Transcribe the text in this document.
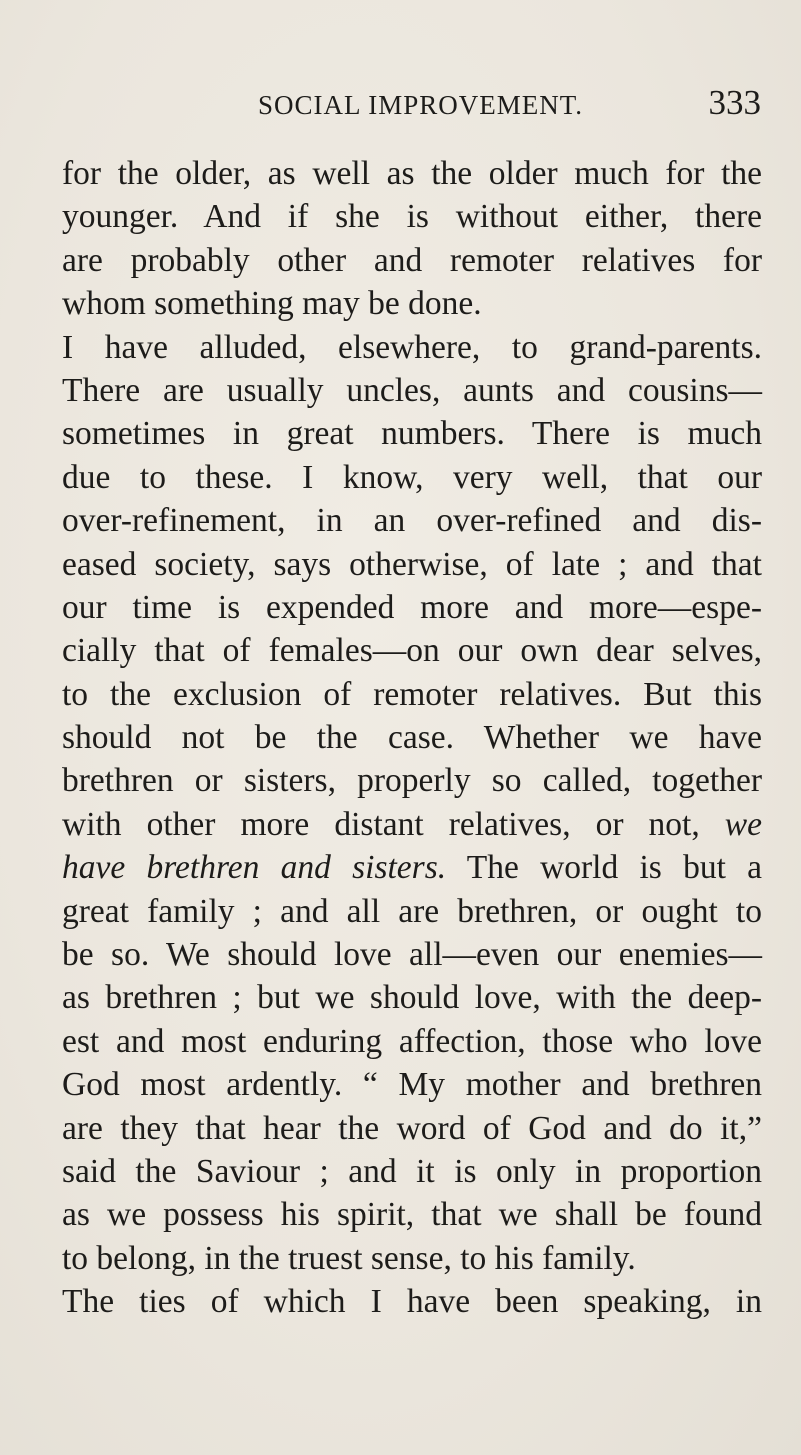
SOCIAL IMPROVEMENT.	333
for the older, as well as the older much for the
younger. And if she is without either, there
are probably other and remoter relatives for
whom something may be done.
I have alluded, elsewhere, to grand-parents.
There are usually uncles, aunts and cousins—
sometimes in great numbers. There is much
due to these. I know, very well, that our
over-refinement, in an over-refined and dis-
eased society, says otherwise, of late ; and that
our time is expended more and more—espe-
cially that of females—on our own dear selves,
to the exclusion of remoter relatives. But this
should not be the case. Whether we have
brethren or sisters, properly so called, together
with other more distant relatives, or not, we
have brethren and sisters. The world is but a
great family ; and all are brethren, or ought to
be so. We should love all—even our enemies—
as brethren ; but we should love, with the deep-
est and most enduring affection, those who love
God most ardently. “ My mother and brethren
are they that hear the word of God and do it,”
said the Saviour ; and it is only in proportion
as we possess his spirit, that we shall be found
to belong, in the truest sense, to his family.
The ties of which I have been speaking, in
